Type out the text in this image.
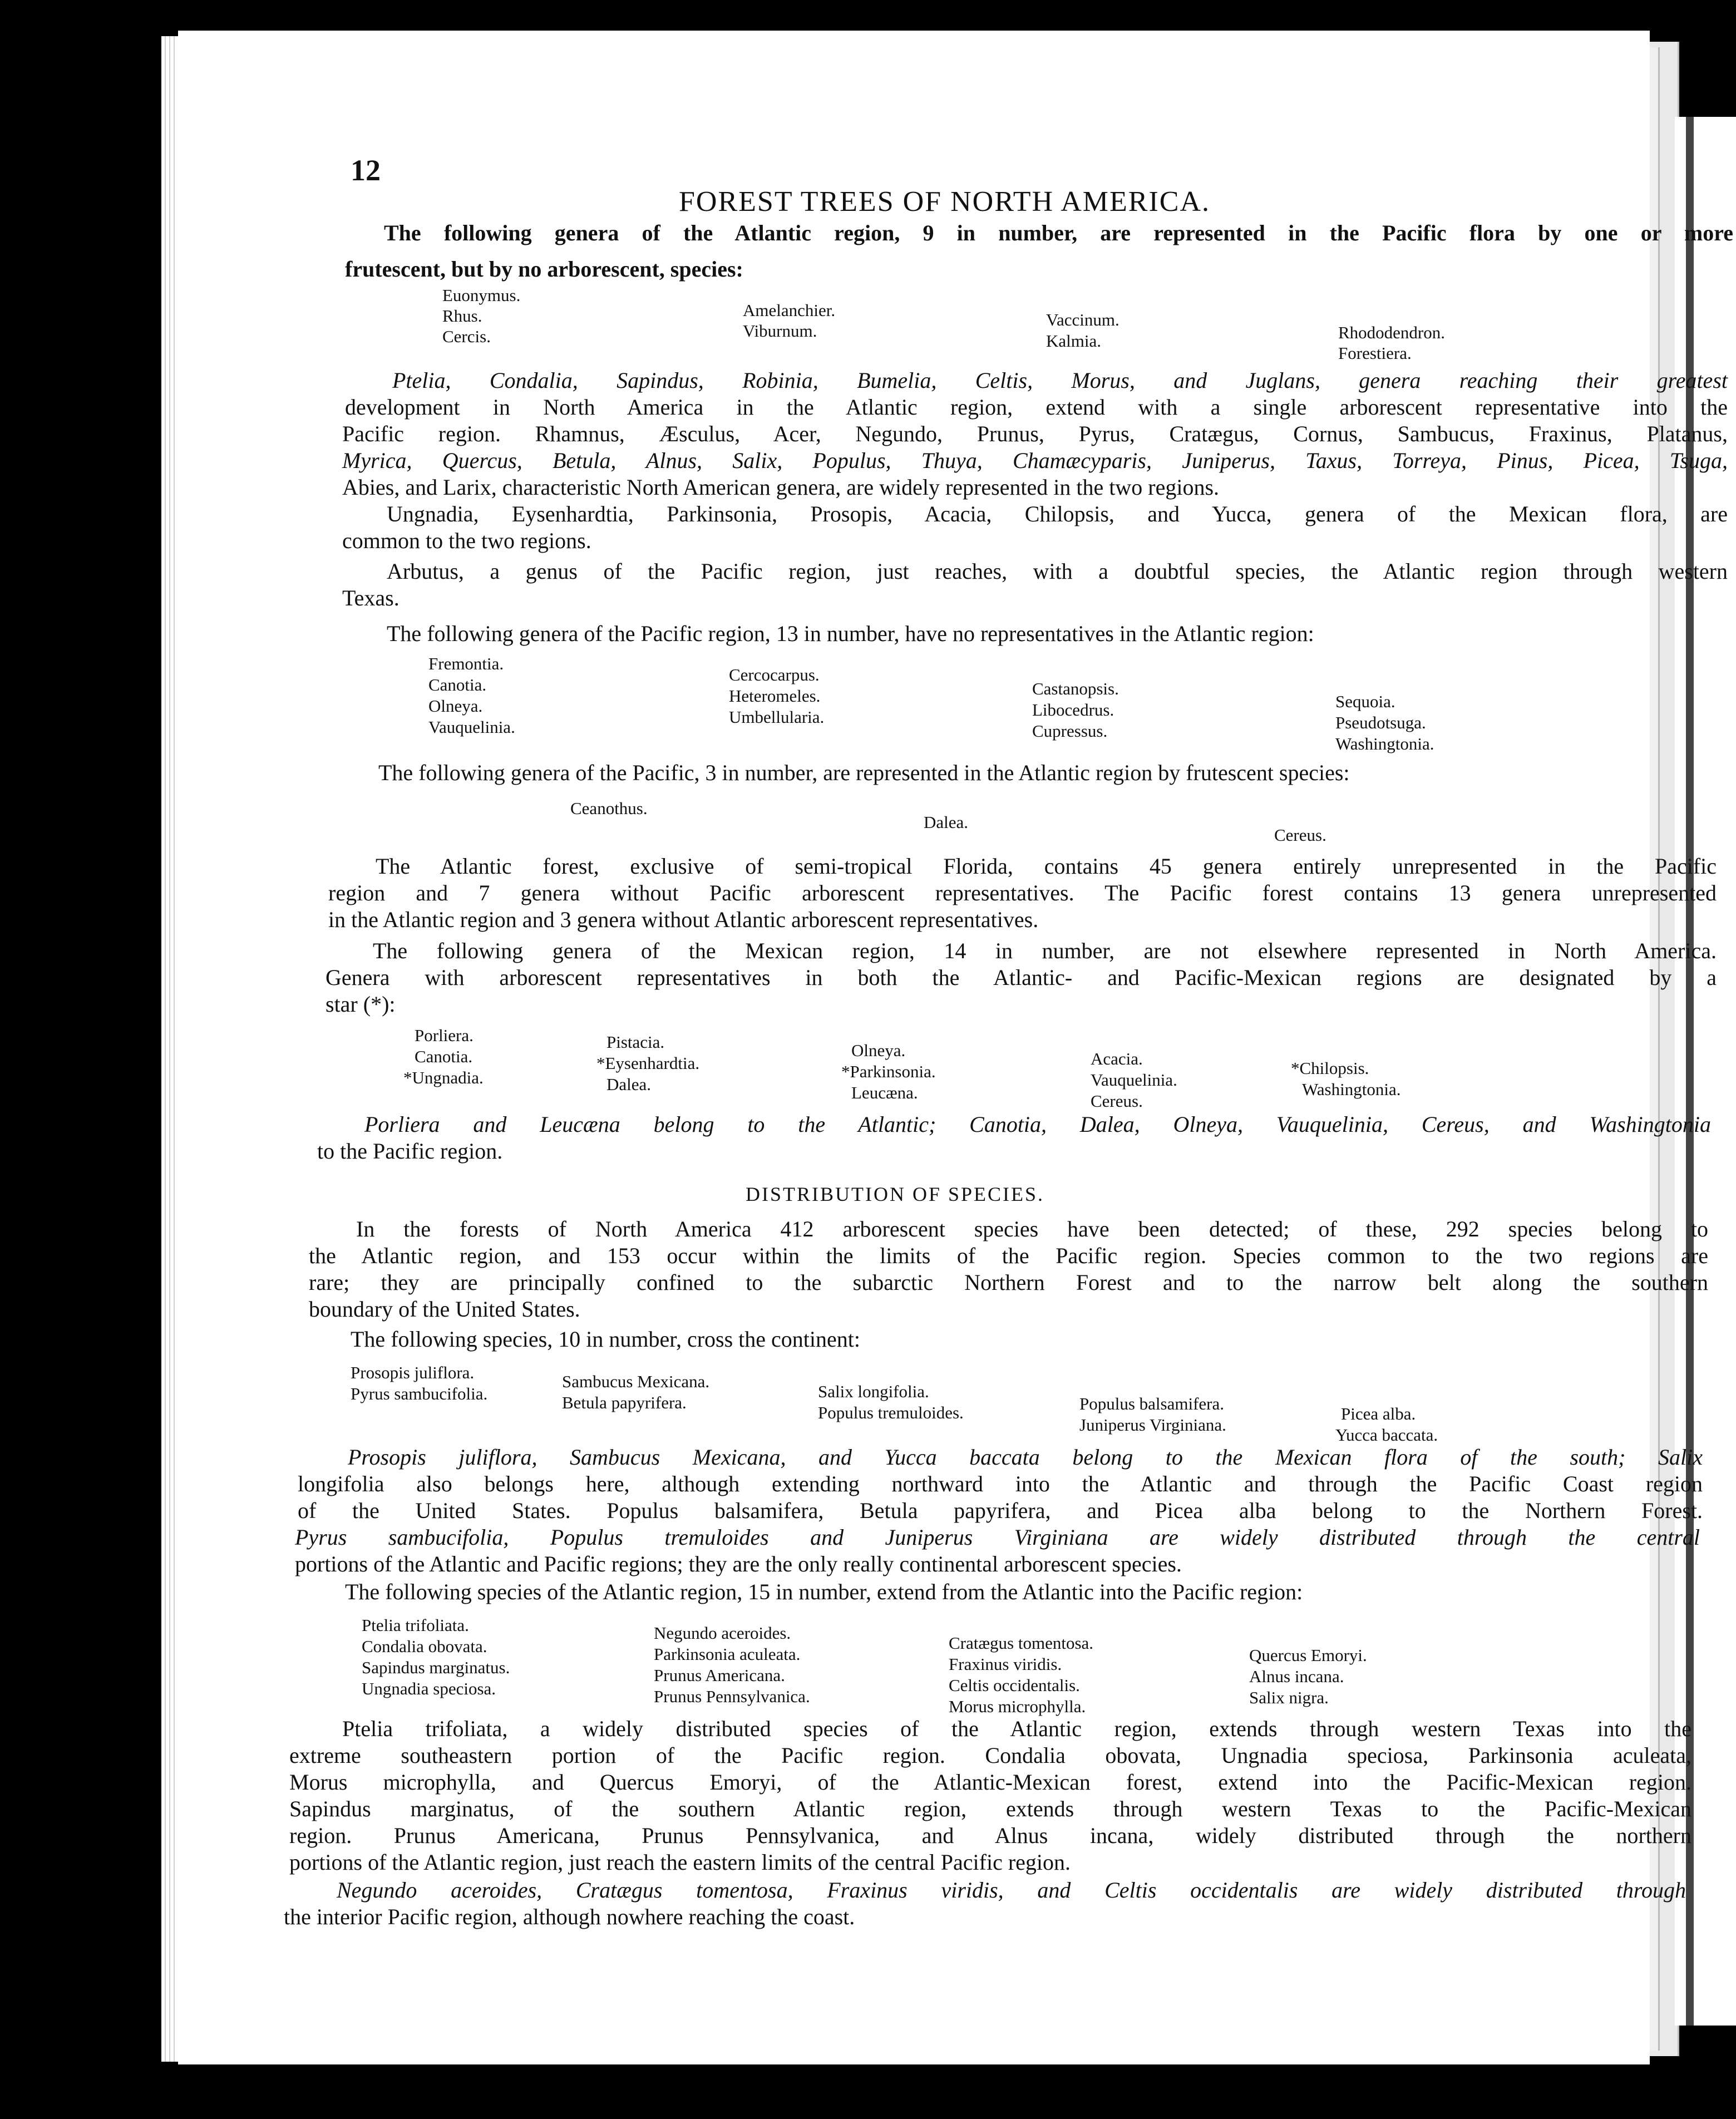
12
FOREST TREES OF NORTH AMERICA.
The following genera of the Atlantic region, 9 in number, are represented in the Pacific flora by one or more
frutescent, but by no arborescent, species:
Euonymus.
Rhus.
Cercis.
Amelanchier.
Viburnum.
Vaccinum.
Kalmia.	Rhododendron.
Forestiera.
Ptelia, Condalia, Sapindus, Robinia, Bumelia, Celtis, Morus, and Juglans, genera reaching their greatest
development in North America in the Atlantic region, extend with a single arborescent representative into the
Pacific region. Rhamnus, Æsculus, Acer, Negundo, Prunus, Pyrus, Cratægus, Cornus, Sambucus, Fraxinus, Platanus,
Myrica, Quercus, Betula, Alnus, Salix, Populus, Thuya, Chamæcyparis, Juniperus, Taxus, Torreya, Pinus, Picea, Tsuga,
Abies, and Larix, characteristic North American genera, are widely represented in the two regions.
Ungnadia, Eysenhardtia, Parkinsonia, Prosopis, Acacia, Chilopsis, and Yucca, genera of the Mexican flora, are
common to the two regions.
Arbutus, a genus of the Pacific region, just reaches, with a doubtful species, the Atlantic region through western
Texas.
The following genera of the Pacific region, 13 in number, have no representatives in the Atlantic region:
Fremontia.
Canotia.
Olneya.
Vauquelinia.
Cercocarpus.
Heteromeles.
Umbellularia.
Castanopsis.
Libocedrus.
Cupressus.
Sequoia.
Pseudotsuga.
Washingtonia.
The following genera of the Pacific, 3 in number, are represented in the Atlantic region by frutescent species:
Ceanothus.
Dalea.
Cereus.
The Atlantic forest, exclusive of semi-tropical Florida, contains 45 genera entirely unrepresented in the Pacific
region and 7 genera without Pacific arborescent representatives. The Pacific forest contains 13 genera unrepresented
in the Atlantic region and 3 genera without Atlantic arborescent representatives.
The following genera of the Mexican region, 14 in number, are not elsewhere represented in North America.
Genera with arborescent representatives in both the Atlantic- and Pacific-Mexican regions are designated by a
star (*):
Porliera.
Canotia.
*Ungnadia.
Pistacia.
*Eysenhardtia.
Dalea.
Olneya.
*Parkinsonia.
Leucæna.
Acacia.
Vauquelinia.
Cereus.
*Chilopsis.
Washingtonia.
Porliera and Leucæna belong to the Atlantic; Canotia, Dalea, Olneya, Vauquelinia, Cereus, and Washingtonia
to the Pacific region.
DISTRIBUTION OF SPECIES.
In the forests of North America 412 arborescent species have been detected; of these, 292 species belong to
the Atlantic region, and 153 occur within the limits of the Pacific region. Species common to the two regions are
rare; they are principally confined to the subarctic Northern Forest and to the narrow belt along the southern
boundary of the United States.
The following species, 10 in number, cross the continent:
Prosopis juliflora.
Pyrus sambucifolia.
Sambucus Mexicana.
Betula papyrifera.
Salix longifolia.
Populus tremuloides.	Populus balsamifera.
Juniperus Virginiana.
Picea alba.
Yucca baccata.
Prosopis juliflora, Sambucus Mexicana, and Yucca baccata belong to the Mexican flora of the south; Salix
longifolia also belongs here, although extending northward into the Atlantic and through the Pacific Coast region
of the United States. Populus balsamifera, Betula papyrifera, and Picea alba belong to the Northern Forest.
Pyrus sambucifolia, Populus tremuloides and Juniperus Virginiana are widely distributed through the central
portions of the Atlantic and Pacific regions; they are the only really continental arborescent species.
The following species of the Atlantic region, 15 in number, extend from the Atlantic into the Pacific region:
Ptelia trifoliata.
Condalia obovata.
Sapindus marginatus.
Ungnadia speciosa.
Negundo aceroides.
Parkinsonia aculeata.
Prunus Americana.
Prunus Pennsylvanica.
Cratægus tomentosa.
Fraxinus viridis.
Celtis occidentalis.
Morus microphylla.
Quercus Emoryi.
Alnus incana.
Salix nigra.
Ptelia trifoliata, a widely distributed species of the Atlantic region, extends through western Texas into the
extreme southeastern portion of the Pacific region. Condalia obovata, Ungnadia speciosa, Parkinsonia aculeata,
Morus microphylla, and Quercus Emoryi, of the Atlantic-Mexican forest, extend into the Pacific-Mexican region.
Sapindus marginatus, of the southern Atlantic region, extends through western Texas to the Pacific-Mexican
region. Prunus Americana, Prunus Pennsylvanica, and Alnus incana, widely distributed through the northern
portions of the Atlantic region, just reach the eastern limits of the central Pacific region.
Negundo aceroides, Cratægus tomentosa, Fraxinus viridis, and Celtis occidentalis are widely distributed through
the interior Pacific region, although nowhere reaching the coast.
